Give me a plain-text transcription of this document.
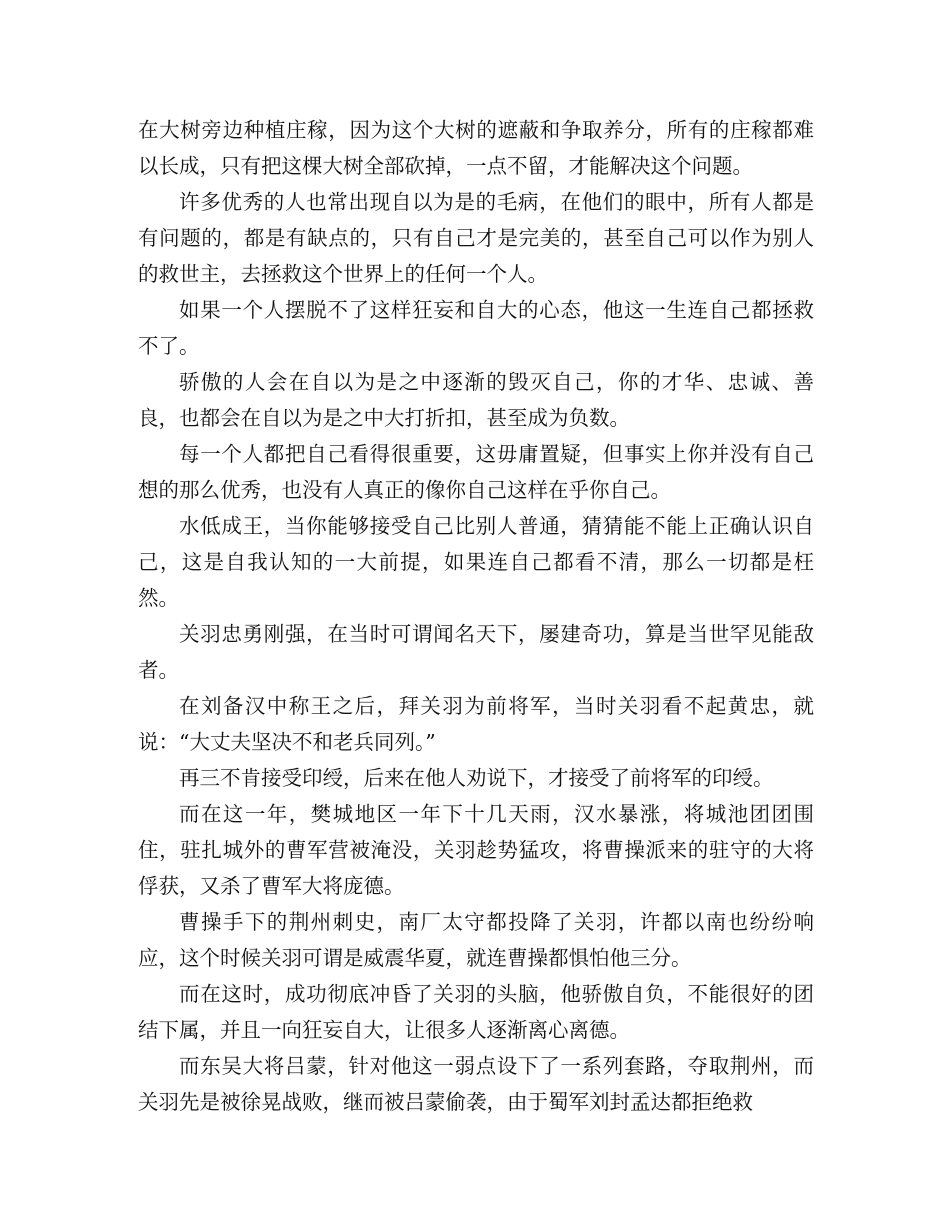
在大树旁边种植庄稼，因为这个大树的遮蔽和争取养分，所有的庄稼都难以长成，只有把这棵大树全部砍掉，一点不留，才能解决这个问题。

许多优秀的人也常出现自以为是的毛病，在他们的眼中，所有人都是有问题的，都是有缺点的，只有自己才是完美的，甚至自己可以作为别人的救世主，去拯救这个世界上的任何一个人。

如果一个人摆脱不了这样狂妄和自大的心态，他这一生连自己都拯救不了。

骄傲的人会在自以为是之中逐渐的毁灭自己，你的才华、忠诚、善良，也都会在自以为是之中大打折扣，甚至成为负数。

每一个人都把自己看得很重要，这毋庸置疑，但事实上你并没有自己想的那么优秀，也没有人真正的像你自己这样在乎你自己。

水低成王，当你能够接受自己比别人普通，猜猜能不能上正确认识自己，这是自我认知的一大前提，如果连自己都看不清，那么一切都是枉然。

关羽忠勇刚强，在当时可谓闻名天下，屡建奇功，算是当世罕见能敌者。

在刘备汉中称王之后，拜关羽为前将军，当时关羽看不起黄忠，就说：“大丈夫坚决不和老兵同列。”

再三不肯接受印绶，后来在他人劝说下，才接受了前将军的印绶。

而在这一年，樊城地区一年下十几天雨，汉水暴涨，将城池团团围住，驻扎城外的曹军营被淹没，关羽趁势猛攻，将曹操派来的驻守的大将俘获，又杀了曹军大将庞德。

曹操手下的荆州刺史，南厂太守都投降了关羽，许都以南也纷纷响应，这个时候关羽可谓是威震华夏，就连曹操都惧怕他三分。

而在这时，成功彻底冲昏了关羽的头脑，他骄傲自负，不能很好的团结下属，并且一向狂妄自大，让很多人逐渐离心离德。

而东吴大将吕蒙，针对他这一弱点设下了一系列套路，夺取荆州，而关羽先是被徐晃战败，继而被吕蒙偷袭，由于蜀军刘封孟达都拒绝救
